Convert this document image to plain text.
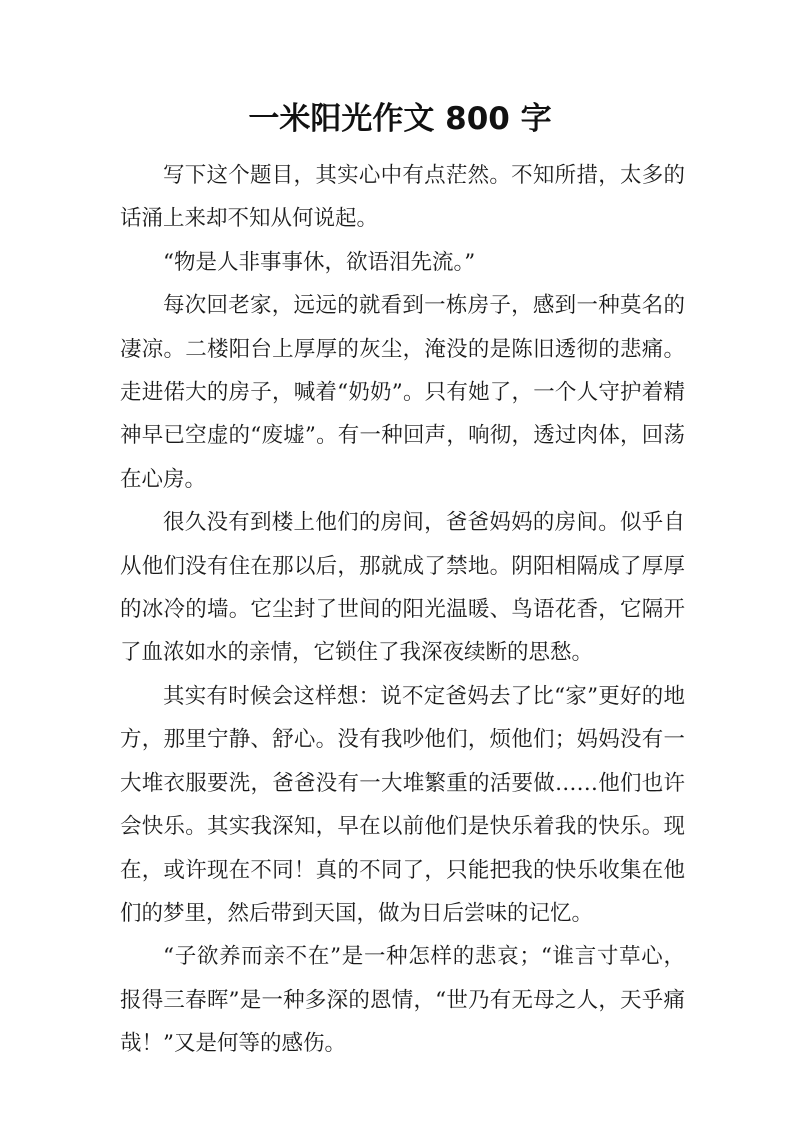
一米阳光作文 800 字

写下这个题目，其实心中有点茫然。不知所措，太多的话涌上来却不知从何说起。

“物是人非事事休，欲语泪先流。”

每次回老家，远远的就看到一栋房子，感到一种莫名的凄凉。二楼阳台上厚厚的灰尘，淹没的是陈旧透彻的悲痛。走进偌大的房子，喊着“奶奶”。只有她了，一个人守护着精神早已空虚的“废墟”。有一种回声，响彻，透过肉体，回荡在心房。

很久没有到楼上他们的房间，爸爸妈妈的房间。似乎自从他们没有住在那以后，那就成了禁地。阴阳相隔成了厚厚的冰冷的墙。它尘封了世间的阳光温暖、鸟语花香，它隔开了血浓如水的亲情，它锁住了我深夜续断的思愁。

其实有时候会这样想：说不定爸妈去了比“家”更好的地方，那里宁静、舒心。没有我吵他们，烦他们；妈妈没有一大堆衣服要洗，爸爸没有一大堆繁重的活要做……他们也许会快乐。其实我深知，早在以前他们是快乐着我的快乐。现在，或许现在不同！真的不同了，只能把我的快乐收集在他们的梦里，然后带到天国，做为日后尝味的记忆。

“子欲养而亲不在”是一种怎样的悲哀；“谁言寸草心，报得三春晖”是一种多深的恩情，“世乃有无母之人，天乎痛哉！”又是何等的感伤。
